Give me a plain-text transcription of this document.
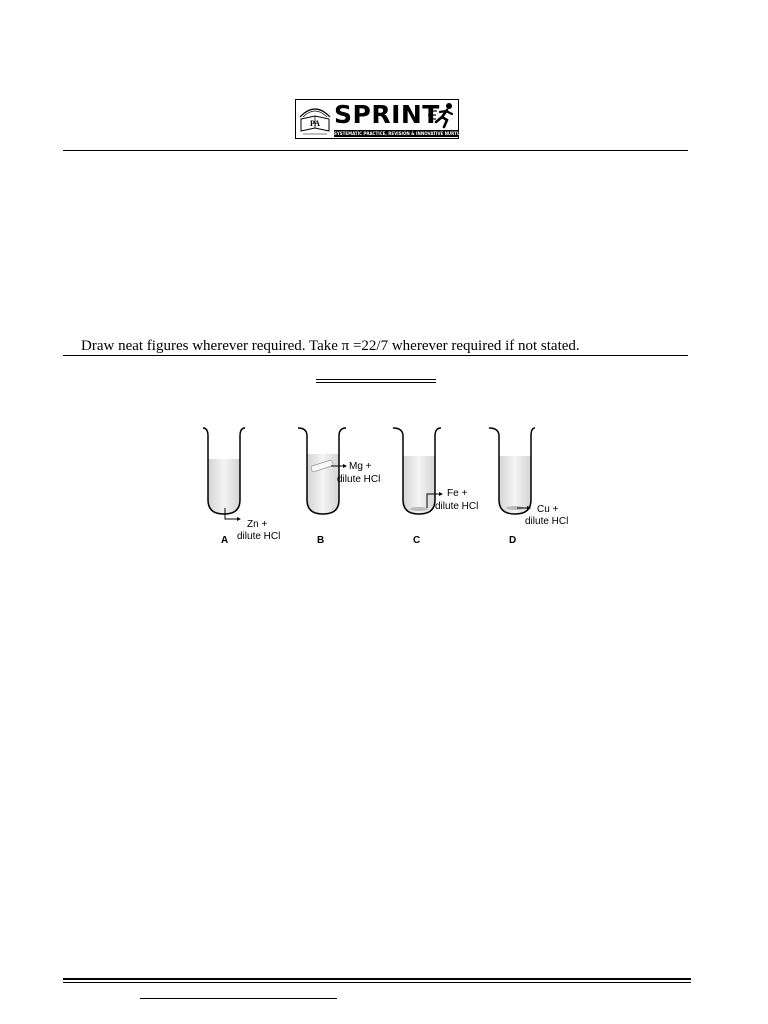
PA SPRINT
SYSTEMATIC PRACTICE, REVISION & INNOVATIVE NURTURING TECHNIQUES
Draw neat figures wherever required. Take π =22/7 wherever required if not stated.
Zn +
dilute HCl
A
Mg +
dilute HCl
B
Fe +
dilute HCl
C
Cu +
dilute HCl
D
